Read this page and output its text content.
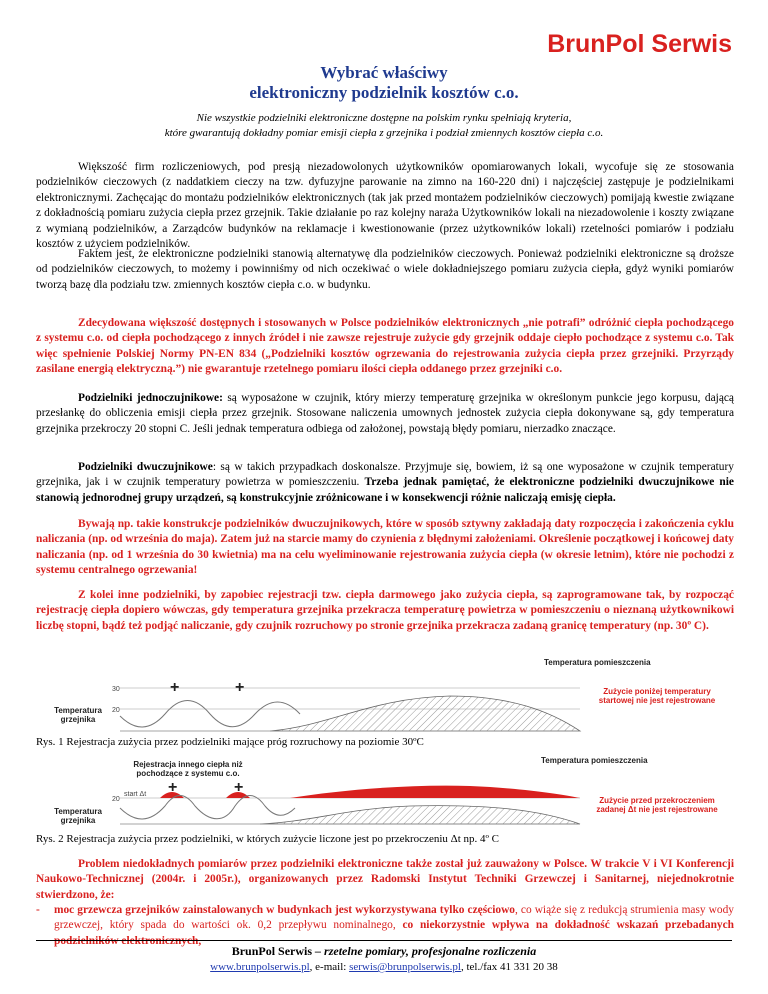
BrunPol Serwis
Wybrać właściwy
elektroniczny podzielnik kosztów c.o.
Nie wszystkie podzielniki elektroniczne dostępne na polskim rynku spełniają kryteria,
które gwarantują dokładny pomiar emisji ciepła z grzejnika i podział zmiennych kosztów ciepła c.o.

Większość firm rozliczeniowych, pod presją niezadowolonych użytkowników opomiarowanych lokali, wycofuje się ze stosowania podzielników cieczowych (z naddatkiem cieczy na tzw. dyfuzyjne parowanie na zimno na 160-220 dni) i najczęściej zastępuje je podzielnikami elektronicznymi. Zachęcając do montażu podzielników elektronicznych (tak jak przed montażem podzielników cieczowych) pomijają kwestie związane z dokładnością pomiaru zużycia ciepła przez grzejnik. Takie działanie po raz kolejny naraża Użytkowników lokali na niezadowolenie i koszty związane z wymianą podzielników, a Zarządców budynków na reklamacje i kwestionowanie (przez użytkowników lokali) rzetelności pomiarów i podziału kosztów z użyciem podzielników.

Faktem jest, że elektroniczne podzielniki stanowią alternatywę dla podzielników cieczowych. Ponieważ podzielniki elektroniczne są droższe od podzielników cieczowych, to możemy i powinniśmy od nich oczekiwać o wiele dokładniejszego pomiaru zużycia ciepła, gdyż wyniki pomiarów tworzą bazę dla podziału tzw. zmiennych kosztów ciepła c.o. w budynku.

Zdecydowana większość dostępnych i stosowanych w Polsce podzielników elektronicznych „nie potrafi” odróżnić ciepła pochodzącego z systemu c.o. od ciepła pochodzącego z innych źródeł i nie zawsze rejestruje zużycie gdy grzejnik oddaje ciepło pochodzące z systemu c.o. Tak więc spełnienie Polskiej Normy PN-EN 834 („Podzielniki kosztów ogrzewania do rejestrowania zużycia ciepła przez grzejniki. Przyrządy zasilane energią elektryczną.”) nie gwarantuje rzetelnego pomiaru ilości ciepła oddanego przez grzejniki c.o.

Podzielniki jednoczujnikowe: są wyposażone w czujnik, który mierzy temperaturę grzejnika w określonym punkcie jego korpusu, dającą przesłankę do obliczenia emisji ciepła przez grzejnik. Stosowane naliczenia umownych jednostek zużycia ciepła dokonywane są, gdy temperatura grzejnika przekroczy 20 stopni C. Jeśli jednak temperatura odbiega od założonej, powstają błędy pomiaru, nierzadko znaczące.

Podzielniki dwuczujnikowe: są w takich przypadkach doskonalsze. Przyjmuje się, bowiem, iż są one wyposażone w czujnik temperatury grzejnika, jak i w czujnik temperatury powietrza w pomieszczeniu. Trzeba jednak pamiętać, że elektroniczne podzielniki dwuczujnikowe nie stanowią jednorodnej grupy urządzeń, są konstrukcyjnie zróżnicowane i w konsekwencji różnie naliczają emisję ciepła.

Bywają np. takie konstrukcje podzielników dwuczujnikowych, które w sposób sztywny zakładają daty rozpoczęcia i zakończenia cyklu naliczania (np. od września do maja). Zatem już na starcie mamy do czynienia z błędnymi założeniami. Określenie początkowej i końcowej daty naliczania (np. od 1 września do 30 kwietnia) ma na celu wyeliminowanie rejestrowania zużycia ciepła (w okresie letnim), które nie pochodzi z systemu centralnego ogrzewania!

Z kolei inne podzielniki, by zapobiec rejestracji tzw. ciepła darmowego jako zużycia ciepła, są zaprogramowane tak, by rozpocząć rejestrację ciepła dopiero wówczas, gdy temperatura grzejnika przekracza temperaturę powietrza w pomieszczeniu o nieznaną użytkownikowi liczbę stopni, bądź też podjąć naliczanie, gdy czujnik rozruchowy po stronie grzejnika przekracza zadaną granicę temperatury (np. 30º C).

Temperatura pomieszczenia
Temperatura grzejnika
Zużycie poniżej temperatury startowej nie jest rejestrowane
30
20
+	+
Rys. 1 Rejestracja zużycia przez podzielniki mające próg rozruchowy na poziomie 30ºC
Rejestracja innego ciepła niż pochodzące z systemu c.o.
Temperatura pomieszczenia
Temperatura grzejnika
Zużycie przed przekroczeniem zadanej Δt nie jest rejestrowane
20
start Δt +	+
Rys. 2 Rejestracja zużycia przez podzielniki, w których zużycie liczone jest po przekroczeniu Δt np. 4º C

Problem niedokładnych pomiarów przez podzielniki elektroniczne także został już zauważony w Polsce. W trakcie V i VI Konferencji Naukowo-Technicznej (2004r. i 2005r.), organizowanych przez Radomski Instytut Techniki Grzewczej i Sanitarnej, niejednokrotnie stwierdzono, że:

-	moc grzewcza grzejników zainstalowanych w budynkach jest wykorzystywana tylko częściowo, co wiąże się z redukcją strumienia masy wody grzewczej, który spada do wartości ok. 0,2 przepływu nominalnego, co niekorzystnie wpływa na dokładność wskazań przebadanych podzielników elektronicznych,
BrunPol Serwis – rzetelne pomiary, profesjonalne rozliczenia
www.brunpolserwis.pl, e-mail: serwis@brunpolserwis.pl, tel./fax 41 331 20 38
